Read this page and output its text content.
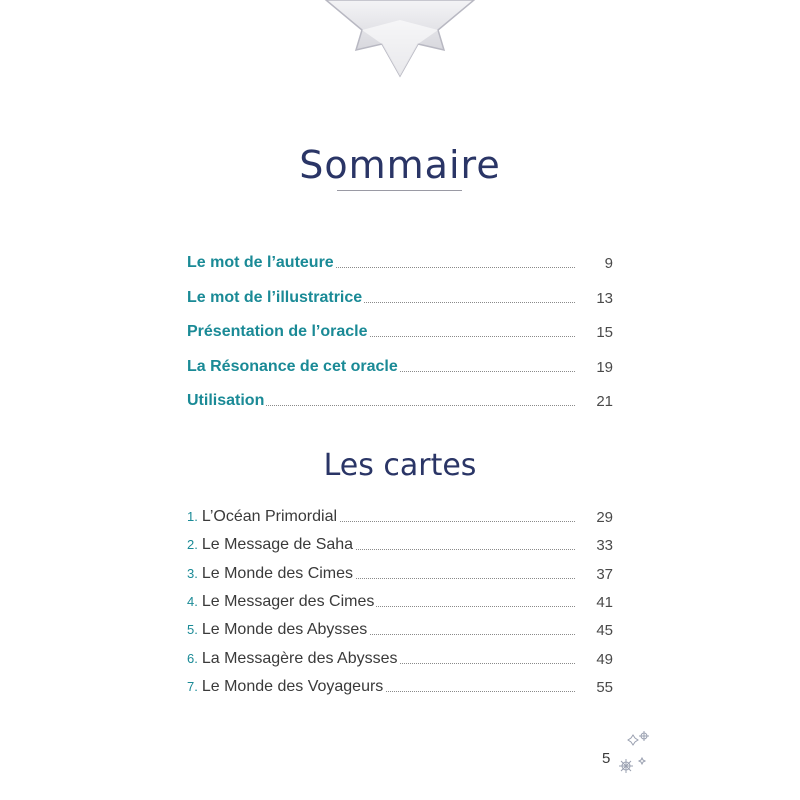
Sommaire
Le mot de l’auteure	9
Le mot de l’illustratrice	13
Présentation de l’oracle	15
La Résonance de cet oracle	19
Utilisation	21
Les cartes
1. L’Océan Primordial	29
2. Le Message de Saha	33
3. Le Monde des Cimes	37
4. Le Messager des Cimes	41
5. Le Monde des Abysses	45
6. La Messagère des Abysses	49
7. Le Monde des Voyageurs	55
5
